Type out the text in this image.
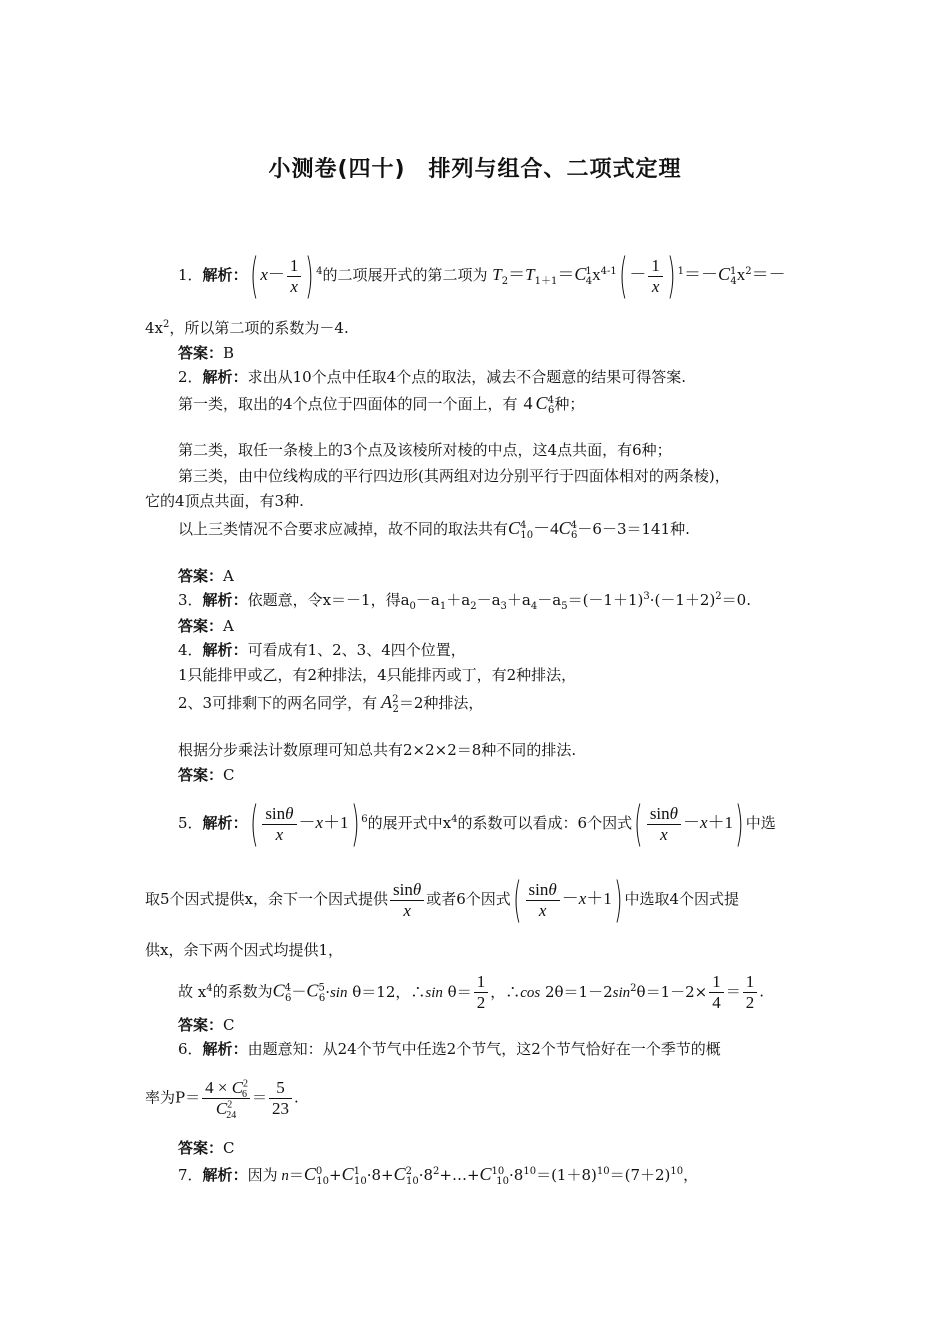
小测卷(四十)　排列与组合、二项式定理
1．解析：( $x- \frac{1}{x}$ ) $^4$的二项展开式的第二项为 $T_2=T_{1+1}=C^1_4x^{4-1}( - \frac{1}{x}$ ) $^1=-C^1_4x^2=-$
$4x^2$，所以第二项的系数为－4.
答案：B
2．解析：求出从10个点中任取4个点的取法，减去不合题意的结果可得答案.
第一类，取出的4个点位于四面体的同一个面上，有 4 $C^4_6$种；
第二类，取任一条棱上的3个点及该棱所对棱的中点，这4点共面，有6种；
第三类，由中位线构成的平行四边形(其两组对边分别平行于四面体相对的两条棱)，
它的4顶点共面，有3种.
以上三类情况不合要求应减掉，故不同的取法共有$C^4_{10}-4C^4_6-6-3=141$种.
答案：A
3．解析：依题意，令x＝－1，得$a_0-a_1+a_2-a_3+a_4-a_5=(-1+1)^3\cdot(-1+2)^2=0$.
答案：A
4．解析：可看成有1、2、3、4四个位置，
1只能排甲或乙，有2种排法，4只能排丙或丁，有2种排法，
2、3可排剩下的两名同学，有 $A^2_2=2$种排法，
根据分步乘法计数原理可知总共有2×2×2＝8种不同的排法.
答案：C
5．解析：( $\frac{\sin\theta}{x} -x+1$) $^6$的展开式中$x^4$的系数可以看成：6个因式( $\frac{\sin\theta}{x} -x+1$) 中选
取5个因式提供x，余下一个因式提供 $\frac{\sin\theta}{x}$ 或者6个因式( $\frac{\sin\theta}{x} -x+1$) 中选取4个因式提
供x，余下两个因式均提供1，
故 $x^4$的系数为$C^4_6-C^5_6\cdot\sin$ θ＝12，∴sin $\theta= \frac{1}{2}$ ，∴cos $2\theta=1-2\sin^2\theta=1-2\times \frac{1}{4} = \frac{1}{2}$ .
答案：C
6．解析：由题意知：从24个节气中任选2个节气，这2个节气恰好在一个季节的概
率为$P= \frac{4 \times C^2_6}{C^2_{24}} = \frac{5}{23}$ .
答案：C
7．解析：因为 $n=C^0_{10}+C^1_{10}\cdot 8+C^2_{10}\cdot 8^2+\dots+C^{10}_{10}\cdot 8^{10}=(1+8)^{10}=(7+2)^{10}$，
